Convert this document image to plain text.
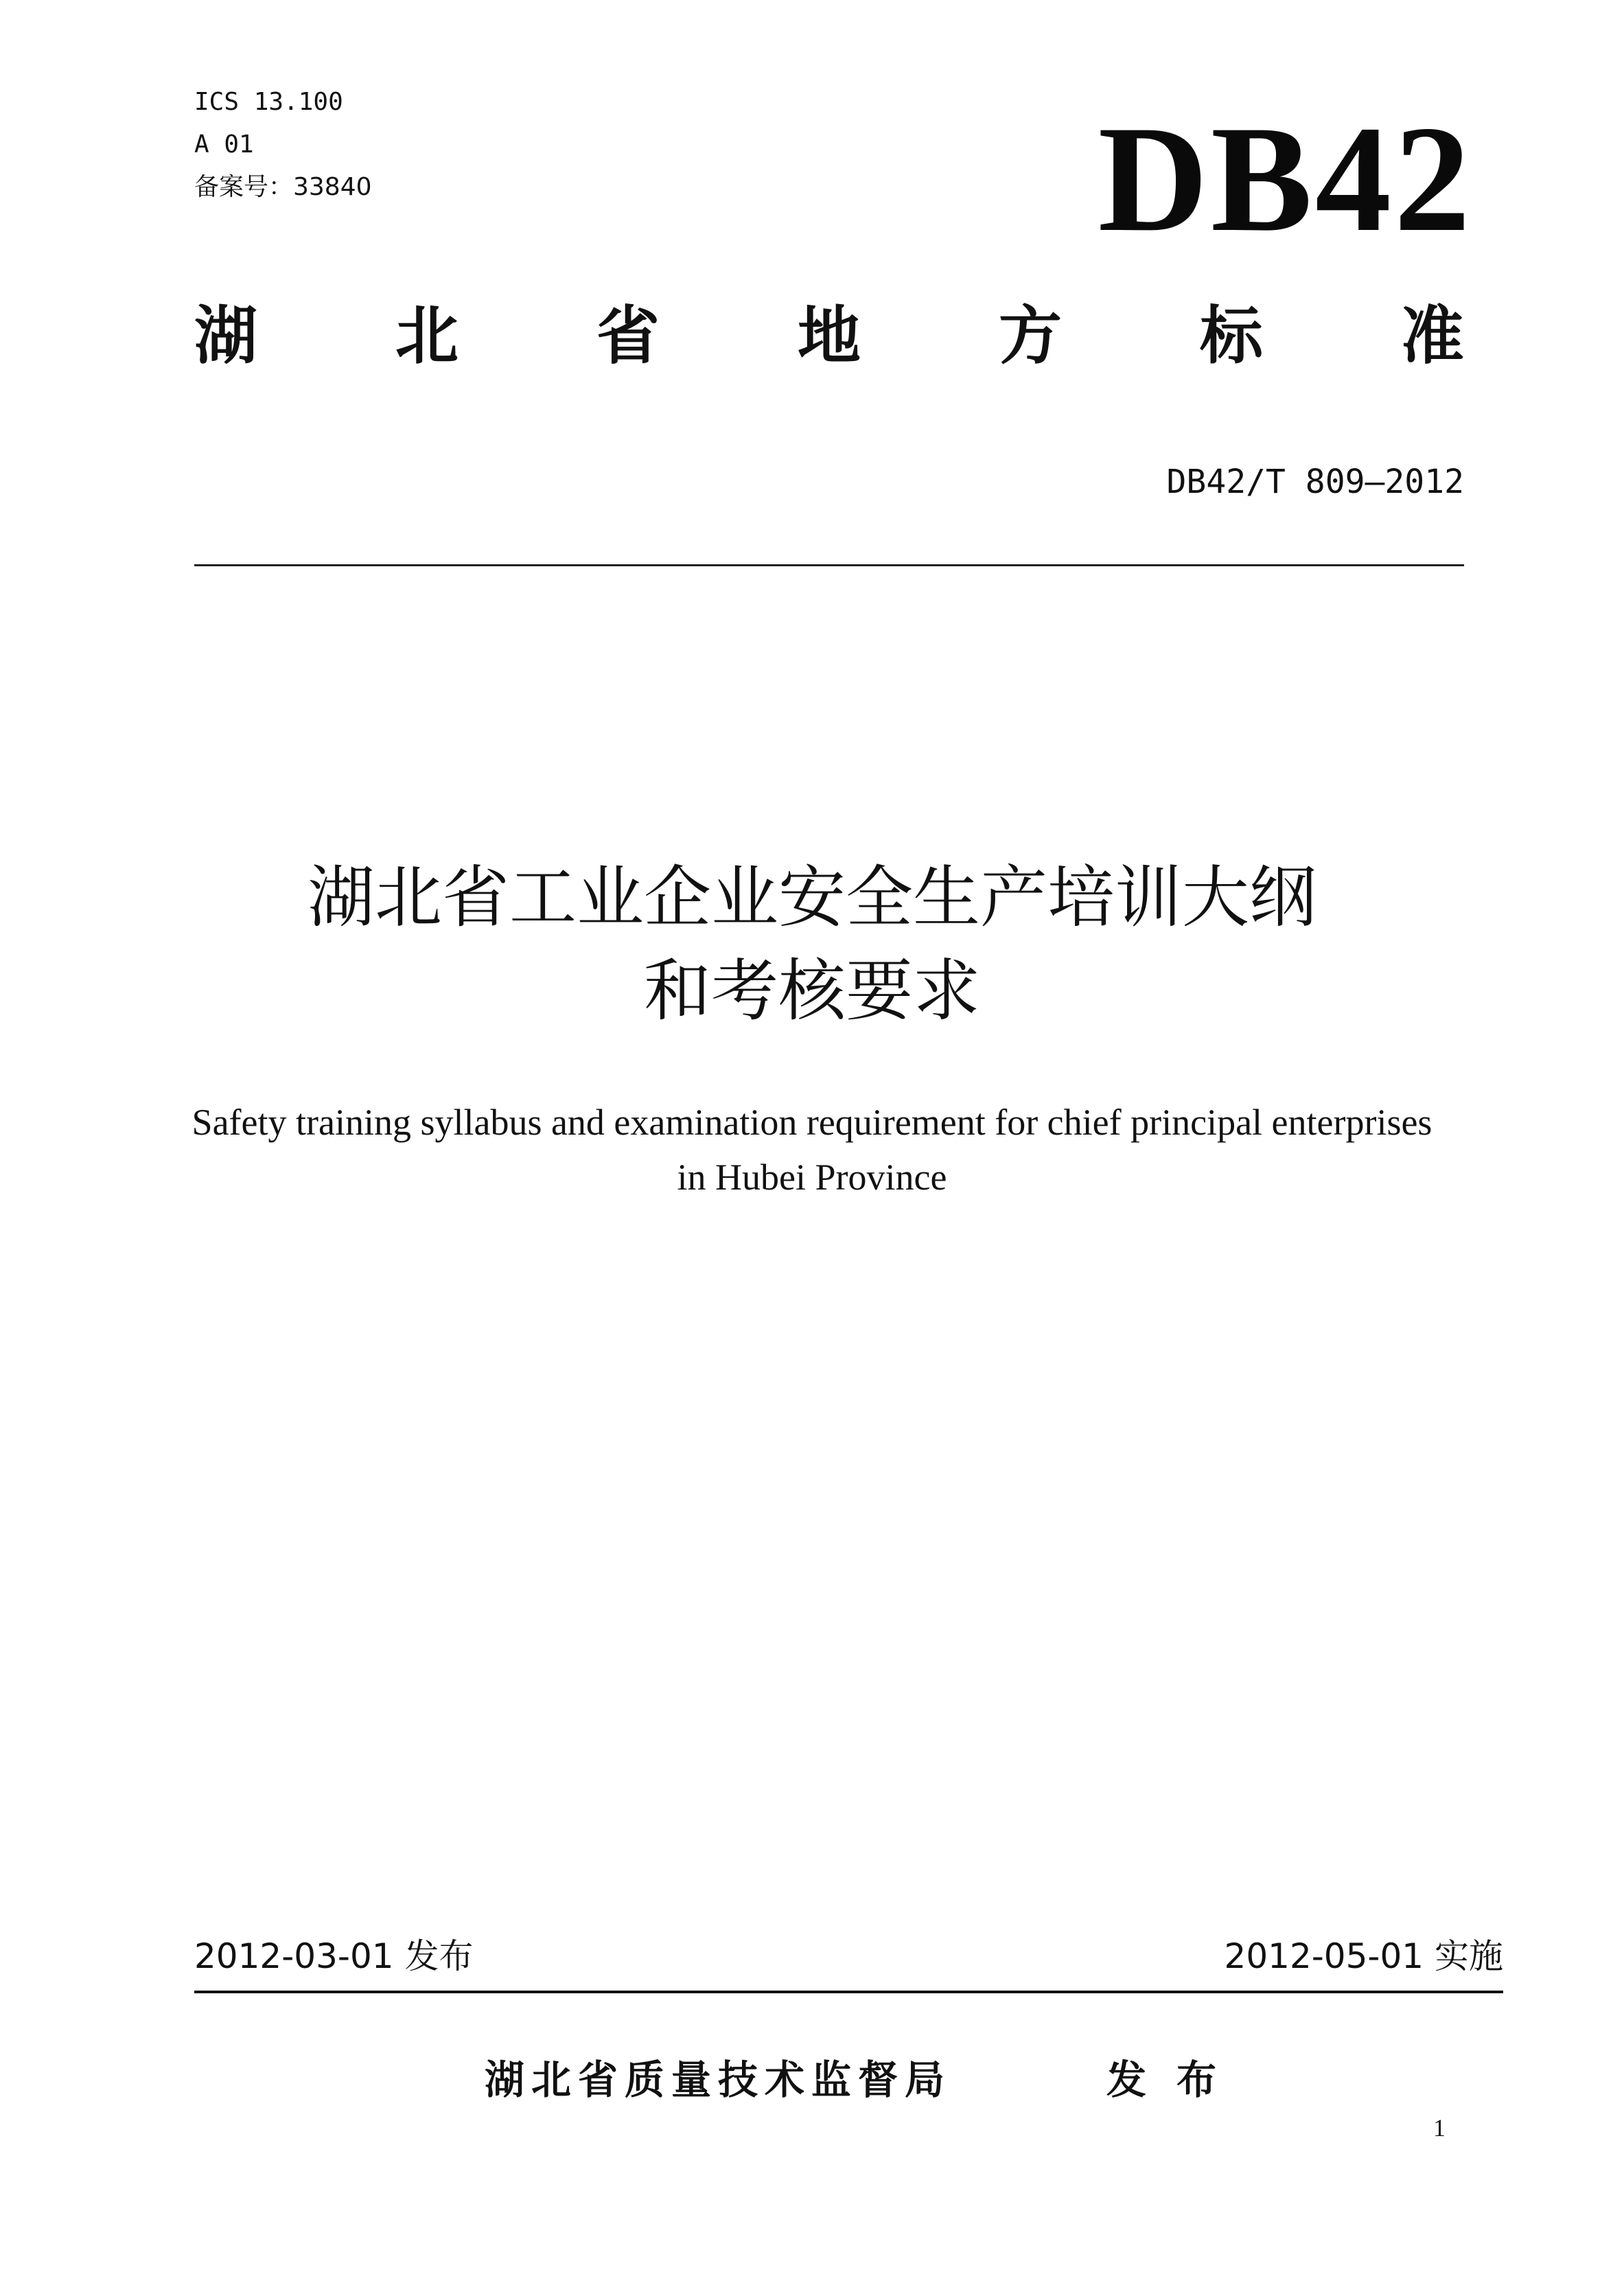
ICS 13.100
A 01
备案号：33840	DB42
湖 北 省 地 方 标 准
DB42/T 809—2012
湖北省工业企业安全生产培训大纲
和考核要求
Safety training syllabus and examination requirement for chief principal enterprises
in Hubei Province
2012-03-01 发布	2012-05-01 实施
湖北省质量技术监督局	发布
1
